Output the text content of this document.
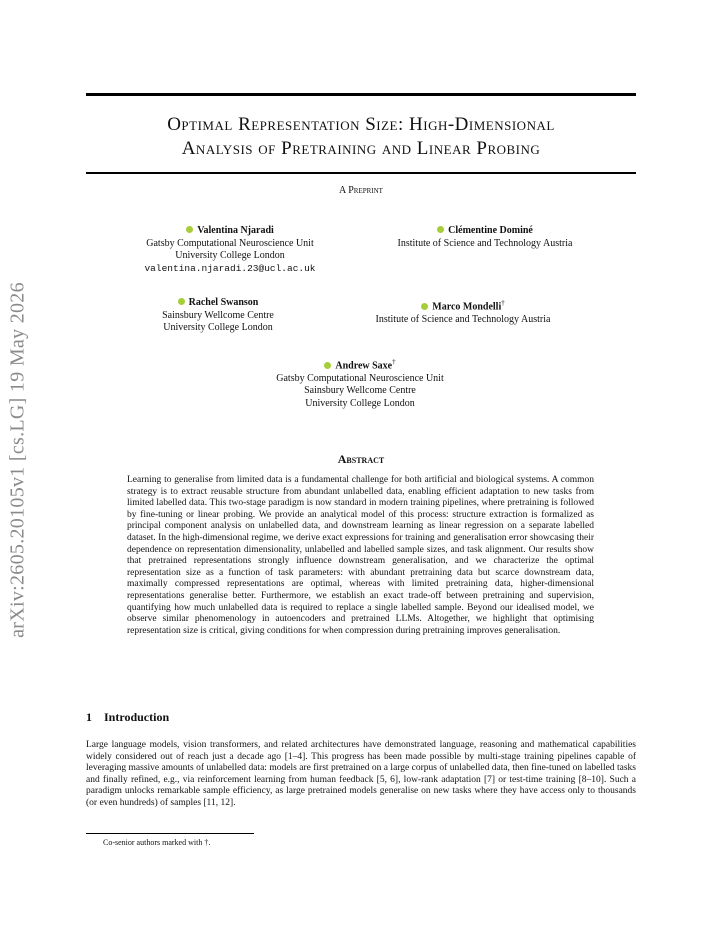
arXiv:2605.20105v1 [cs.LG] 19 May 2026
Optimal Representation Size: High-Dimensional
Analysis of Pretraining and Linear Probing
A Preprint
Valentina Njaradi
Gatsby Computational Neuroscience Unit
University College London
valentina.njaradi.23@ucl.ac.uk
Clémentine Dominé
Institute of Science and Technology Austria
Rachel Swanson
Sainsbury Wellcome Centre
University College London
Marco Mondelli†
Institute of Science and Technology Austria
Andrew Saxe†
Gatsby Computational Neuroscience Unit
Sainsbury Wellcome Centre
University College London
Abstract
Learning to generalise from limited data is a fundamental challenge for both artificial and biological systems. A common strategy is to extract reusable structure from abundant unlabelled data, enabling efficient adaptation to new tasks from limited labelled data. This two-stage paradigm is now standard in modern training pipelines, where pretraining is followed by fine-tuning or linear probing. We provide an analytical model of this process: structure extraction is formalized as principal component analysis on unlabelled data, and downstream learning as linear regression on a separate labelled dataset. In the high-dimensional regime, we derive exact expressions for training and generalisation error showcasing their dependence on representation dimensionality, unlabelled and labelled sample sizes, and task alignment. Our results show that pretrained representations strongly influence downstream generalisation, and we characterize the optimal representation size as a function of task parameters: with abundant pretraining data but scarce downstream data, maximally compressed representations are optimal, whereas with limited pretraining data, higher-dimensional representations generalise better. Furthermore, we establish an exact trade-off between pretraining and supervision, quantifying how much unlabelled data is required to replace a single labelled sample. Beyond our idealised model, we observe similar phenomenology in autoencoders and pretrained LLMs. Altogether, we highlight that optimising representation size is critical, giving conditions for when compression during pretraining improves generalisation.
1 Introduction
Large language models, vision transformers, and related architectures have demonstrated language, reasoning and mathematical capabilities widely considered out of reach just a decade ago [1–4]. This progress has been made possible by multi-stage training pipelines capable of leveraging massive amounts of unlabelled data: models are first pretrained on a large corpus of unlabelled data, then fine-tuned on labelled tasks and finally refined, e.g., via reinforcement learning from human feedback [5, 6], low-rank adaptation [7] or test-time training [8–10]. Such a paradigm unlocks remarkable sample efficiency, as large pretrained models generalise on new tasks where they have access only to thousands (or even hundreds) of samples [11, 12].
Co-senior authors marked with †.
